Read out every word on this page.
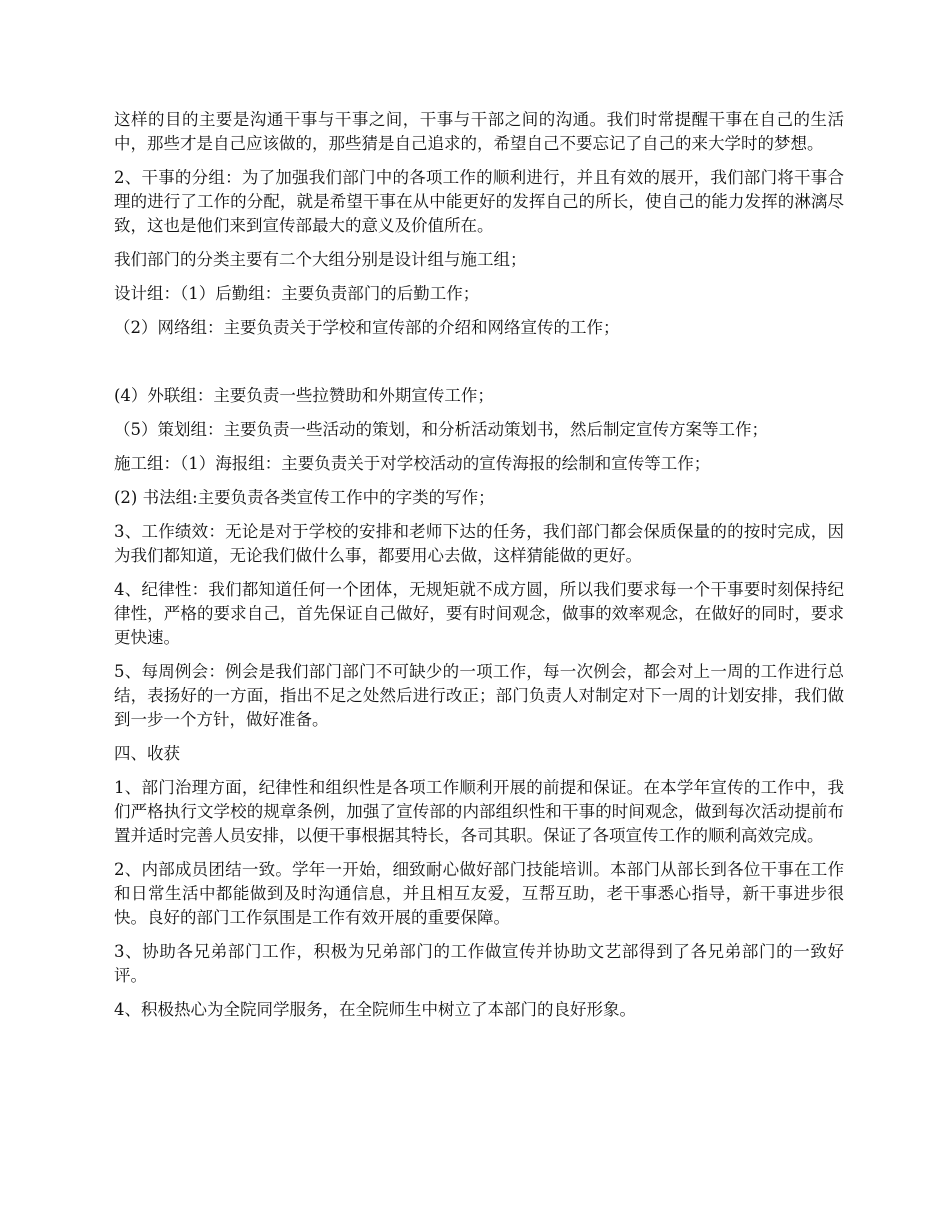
这样的目的主要是沟通干事与干事之间，干事与干部之间的沟通。我们时常提醒干事在自己的生活中，那些才是自己应该做的，那些猜是自己追求的，希望自己不要忘记了自己的来大学时的梦想。

2、干事的分组：为了加强我们部门中的各项工作的顺利进行，并且有效的展开，我们部门将干事合理的进行了工作的分配，就是希望干事在从中能更好的发挥自己的所长，使自己的能力发挥的淋漓尽致，这也是他们来到宣传部最大的意义及价值所在。

我们部门的分类主要有二个大组分别是设计组与施工组；

设计组：（1）后勤组：主要负责部门的后勤工作；

（2）网络组：主要负责关于学校和宣传部的介绍和网络宣传的工作；

(4）外联组：主要负责一些拉赞助和外期宣传工作；

（5）策划组：主要负责一些活动的策划，和分析活动策划书，然后制定宣传方案等工作；

施工组：（1）海报组：主要负责关于对学校活动的宣传海报的绘制和宣传等工作；

(2) 书法组:主要负责各类宣传工作中的字类的写作；

3、工作绩效：无论是对于学校的安排和老师下达的任务，我们部门都会保质保量的的按时完成，因为我们都知道，无论我们做什么事，都要用心去做，这样猜能做的更好。

4、纪律性：我们都知道任何一个团体，无规矩就不成方圆，所以我们要求每一个干事要时刻保持纪律性，严格的要求自己，首先保证自己做好，要有时间观念，做事的效率观念，在做好的同时，要求更快速。

5、每周例会：例会是我们部门部门不可缺少的一项工作，每一次例会，都会对上一周的工作进行总结，表扬好的一方面，指出不足之处然后进行改正；部门负责人对制定对下一周的计划安排，我们做到一步一个方针，做好准备。

四、收获

1、部门治理方面，纪律性和组织性是各项工作顺利开展的前提和保证。在本学年宣传的工作中，我们严格执行文学校的规章条例，加强了宣传部的内部组织性和干事的时间观念，做到每次活动提前布置并适时完善人员安排，以便干事根据其特长，各司其职。保证了各项宣传工作的顺利高效完成。

2、内部成员团结一致。学年一开始，细致耐心做好部门技能培训。本部门从部长到各位干事在工作和日常生活中都能做到及时沟通信息，并且相互友爱，互帮互助，老干事悉心指导，新干事进步很快。良好的部门工作氛围是工作有效开展的重要保障。

3、协助各兄弟部门工作，积极为兄弟部门的工作做宣传并协助文艺部得到了各兄弟部门的一致好评。

4、积极热心为全院同学服务，在全院师生中树立了本部门的良好形象。
